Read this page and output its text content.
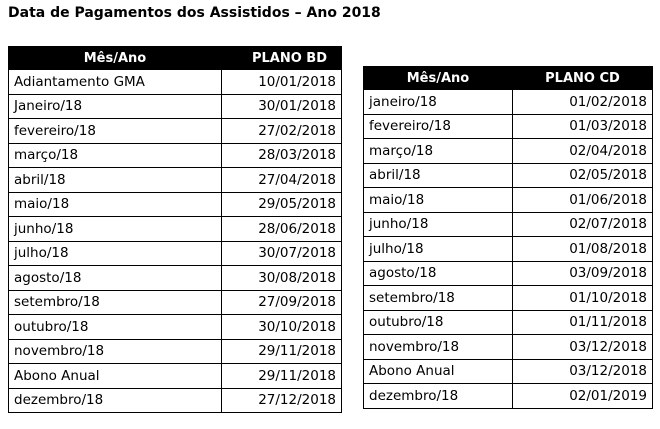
Data de Pagamentos dos Assistidos – Ano 2018
Mês/Ano	PLANO BD
Adiantamento GMA	10/01/2018
Janeiro/18	30/01/2018
fevereiro/18	27/02/2018
março/18	28/03/2018
abril/18	27/04/2018
maio/18	29/05/2018
junho/18	28/06/2018
julho/18	30/07/2018
agosto/18	30/08/2018
setembro/18	27/09/2018
outubro/18	30/10/2018
novembro/18	29/11/2018
Abono Anual	29/11/2018
dezembro/18	27/12/2018
Mês/Ano	PLANO CD
janeiro/18	01/02/2018
fevereiro/18	01/03/2018
março/18	02/04/2018
abril/18	02/05/2018
maio/18	01/06/2018
junho/18	02/07/2018
julho/18	01/08/2018
agosto/18	03/09/2018
setembro/18	01/10/2018
outubro/18	01/11/2018
novembro/18	03/12/2018
Abono Anual	03/12/2018
dezembro/18	02/01/2019
